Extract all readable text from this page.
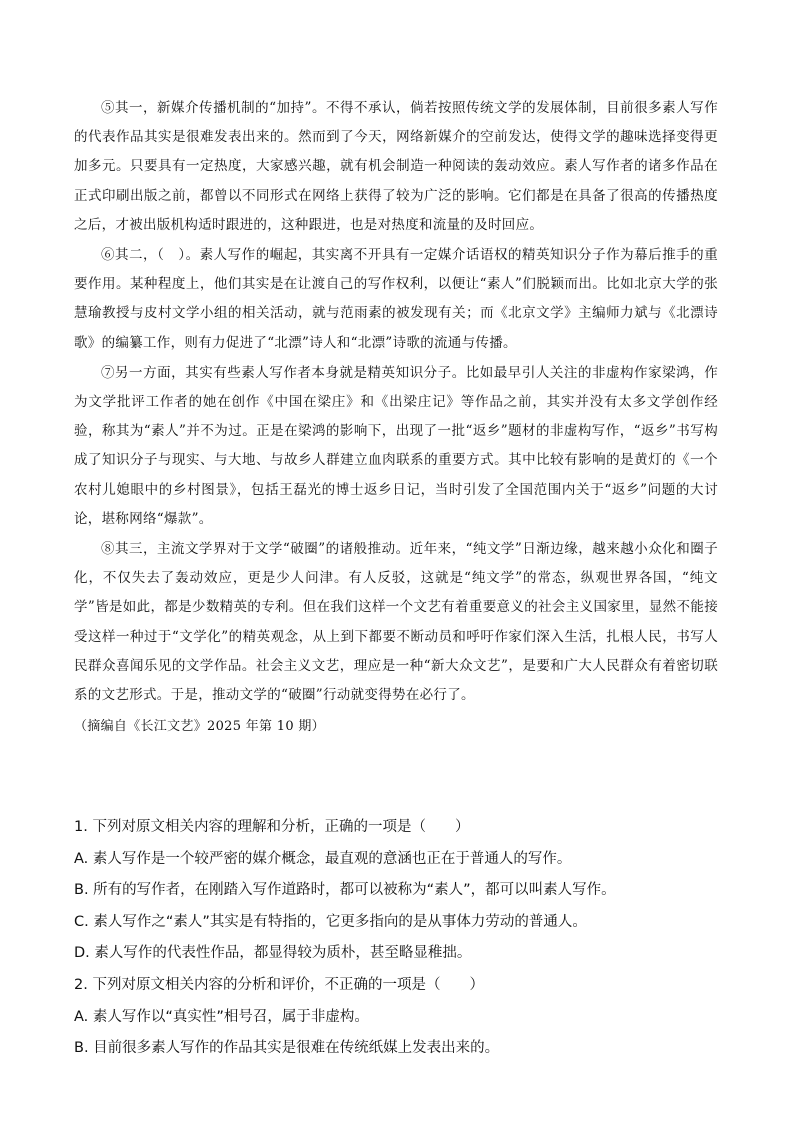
⑤其一，新媒介传播机制的“加持”。不得不承认，倘若按照传统文学的发展体制，目前很多素人写作的代表作品其实是很难发表出来的。然而到了今天，网络新媒介的空前发达，使得文学的趣味选择变得更加多元。只要具有一定热度，大家感兴趣，就有机会制造一种阅读的轰动效应。素人写作者的诸多作品在正式印刷出版之前，都曾以不同形式在网络上获得了较为广泛的影响。它们都是在具备了很高的传播热度之后，才被出版机构适时跟进的，这种跟进，也是对热度和流量的及时回应。

⑥其二，（　）。素人写作的崛起，其实离不开具有一定媒介话语权的精英知识分子作为幕后推手的重要作用。某种程度上，他们其实是在让渡自己的写作权利，以便让“素人”们脱颖而出。比如北京大学的张慧瑜教授与皮村文学小组的相关活动，就与范雨素的被发现有关；而《北京文学》主编师力斌与《北漂诗歌》的编纂工作，则有力促进了“北漂”诗人和“北漂”诗歌的流通与传播。

⑦另一方面，其实有些素人写作者本身就是精英知识分子。比如最早引人关注的非虚构作家梁鸿，作为文学批评工作者的她在创作《中国在梁庄》和《出梁庄记》等作品之前，其实并没有太多文学创作经验，称其为“素人”并不为过。正是在梁鸿的影响下，出现了一批“返乡”题材的非虚构写作，“返乡”书写构成了知识分子与现实、与大地、与故乡人群建立血肉联系的重要方式。其中比较有影响的是黄灯的《一个农村儿媳眼中的乡村图景》，包括王磊光的博士返乡日记，当时引发了全国范围内关于“返乡”问题的大讨论，堪称网络“爆款”。

⑧其三，主流文学界对于文学“破圈”的诸般推动。近年来，“纯文学”日渐边缘，越来越小众化和圈子化，不仅失去了轰动效应，更是少人问津。有人反驳，这就是“纯文学”的常态，纵观世界各国，“纯文学”皆是如此，都是少数精英的专利。但在我们这样一个文艺有着重要意义的社会主义国家里，显然不能接受这样一种过于“文学化”的精英观念，从上到下都要不断动员和呼吁作家们深入生活，扎根人民，书写人民群众喜闻乐见的文学作品。社会主义文艺，理应是一种“新大众文艺”，是要和广大人民群众有着密切联系的文艺形式。于是，推动文学的“破圈”行动就变得势在必行了。

（摘编自《长江文艺》2025 年第 10 期）

1. 下列对原文相关内容的理解和分析，正确的一项是（　　）

A. 素人写作是一个较严密的媒介概念，最直观的意涵也正在于普通人的写作。

B. 所有的写作者，在刚踏入写作道路时，都可以被称为“素人”，都可以叫素人写作。

C. 素人写作之“素人”其实是有特指的，它更多指向的是从事体力劳动的普通人。

D. 素人写作的代表性作品，都显得较为质朴，甚至略显稚拙。

2. 下列对原文相关内容的分析和评价，不正确的一项是（　　）

A. 素人写作以“真实性”相号召，属于非虚构。

B. 目前很多素人写作的作品其实是很难在传统纸媒上发表出来的。
